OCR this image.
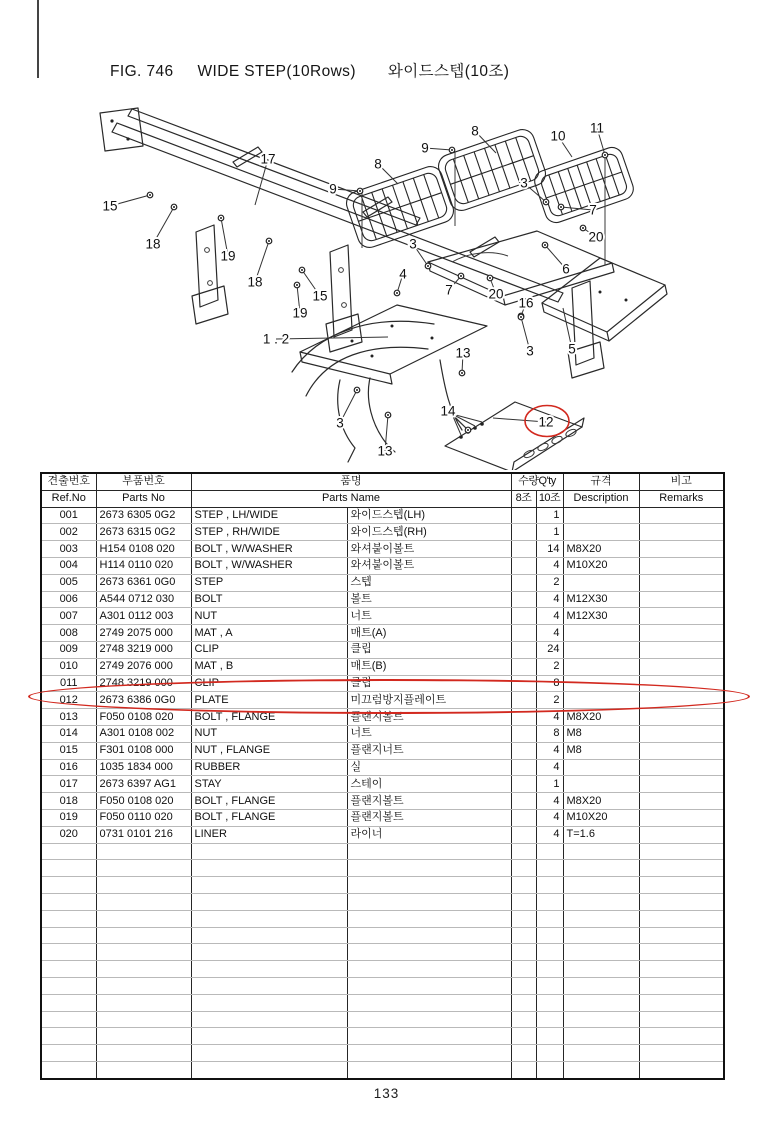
FIG. 746 WIDE STEP(10Rows) 와이드스텝(10조)
15
18
17
19
18
15
19
8
9
3
4
8
9
10
11
3
7
20
6
7	20
16
1 . 2
13	3	5
3
13
14
12
견출번호	부품번호	품명		수량Q'ty		규격	비고
Ref.No	Parts No	Parts Name		8조	10조	Description	Remarks
001	2673 6305 0G2	STEP , LH/WIDE	와이드스텝(LH)		1		
002	2673 6315 0G2	STEP , RH/WIDE	와이드스텝(RH)		1		
003	H154 0108 020	BOLT , W/WASHER	와셔붙이볼트		14	M8X20	
004	H114 0110 020	BOLT , W/WASHER	와셔붙이볼트		4	M10X20	
005	2673 6361 0G0	STEP	스텝		2		
006	A544 0712 030	BOLT	볼트		4	M12X30	
007	A301 0112 003	NUT	너트		4	M12X30	
008	2749 2075 000	MAT , A	매트(A)		4		
009	2748 3219 000	CLIP	클립		24		
010	2749 2076 000	MAT , B	매트(B)		2		
011	2748 3219 000	CLIP	클립		8		
012	2673 6386 0G0	PLATE	미끄럼방지플레이트		2		
013	F050 0108 020	BOLT , FLANGE	플랜지볼트		4	M8X20	
014	A301 0108 002	NUT	너트		8	M8	
015	F301 0108 000	NUT , FLANGE	플랜지너트		4	M8	
016	1035 1834 000	RUBBER	실		4		
017	2673 6397 AG1	STAY	스테이		1		
018	F050 0108 020	BOLT , FLANGE	플랜지볼트		4	M8X20	
019	F050 0110 020	BOLT , FLANGE	플랜지볼트		4	M10X20	
020	0731 0101 216	LINER	라이너		4	T=1.6	

133
